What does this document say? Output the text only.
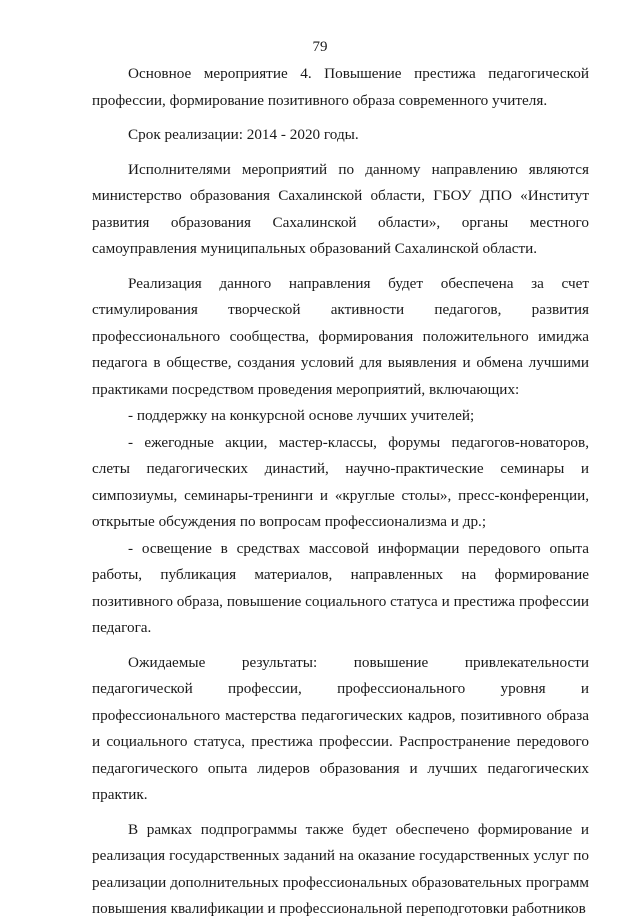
79

Основное мероприятие 4. Повышение престижа педагогической профессии, формирование позитивного образа современного учителя.

Срок реализации: 2014 - 2020 годы.

Исполнителями мероприятий по данному направлению являются министерство образования Сахалинской области, ГБОУ ДПО «Институт развития образования Сахалинской области», органы местного самоуправления муниципальных образований Сахалинской области.

Реализация данного направления будет обеспечена за счет стимулирования творческой активности педагогов, развития профессионального сообщества, формирования положительного имиджа педагога в обществе, создания условий для выявления и обмена лучшими практиками посредством проведения мероприятий, включающих:

- поддержку на конкурсной основе лучших учителей;

- ежегодные акции, мастер-классы, форумы педагогов-новаторов, слеты педагогических династий, научно-практические семинары и симпозиумы, семинары-тренинги и «круглые столы», пресс-конференции, открытые обсуждения по вопросам профессионализма и др.;

- освещение в средствах массовой информации передового опыта работы, публикация материалов, направленных на формирование позитивного образа, повышение социального статуса и престижа профессии педагога.

Ожидаемые результаты: повышение привлекательности педагогической профессии, профессионального уровня и профессионального мастерства педагогических кадров, позитивного образа и социального статуса, престижа профессии. Распространение передового педагогического опыта лидеров образования и лучших педагогических практик.

В рамках подпрограммы также будет обеспечено формирование и реализация государственных заданий на оказание государственных услуг по реализации дополнительных профессиональных образовательных программ повышения квалификации и профессиональной переподготовки работников
